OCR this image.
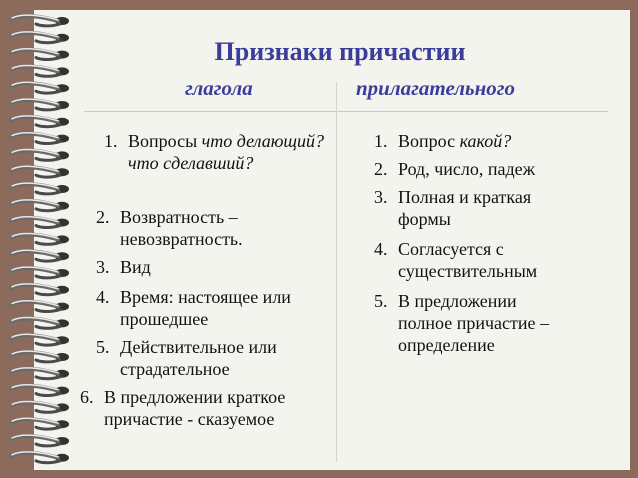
Признаки причастии
глагола	прилагательного
1. Вопросы что делающий? что сделавший?
2. Возвратность – невозвратность.
3. Вид
4. Время: настоящее или прошедшее
5. Действительное или страдательное
6. В предложении краткое причастие - сказуемое
1. Вопрос какой?
2. Род, число, падеж
3. Полная и краткая формы
4. Согласуется с существительным
5. В предложении полное причастие – определение
